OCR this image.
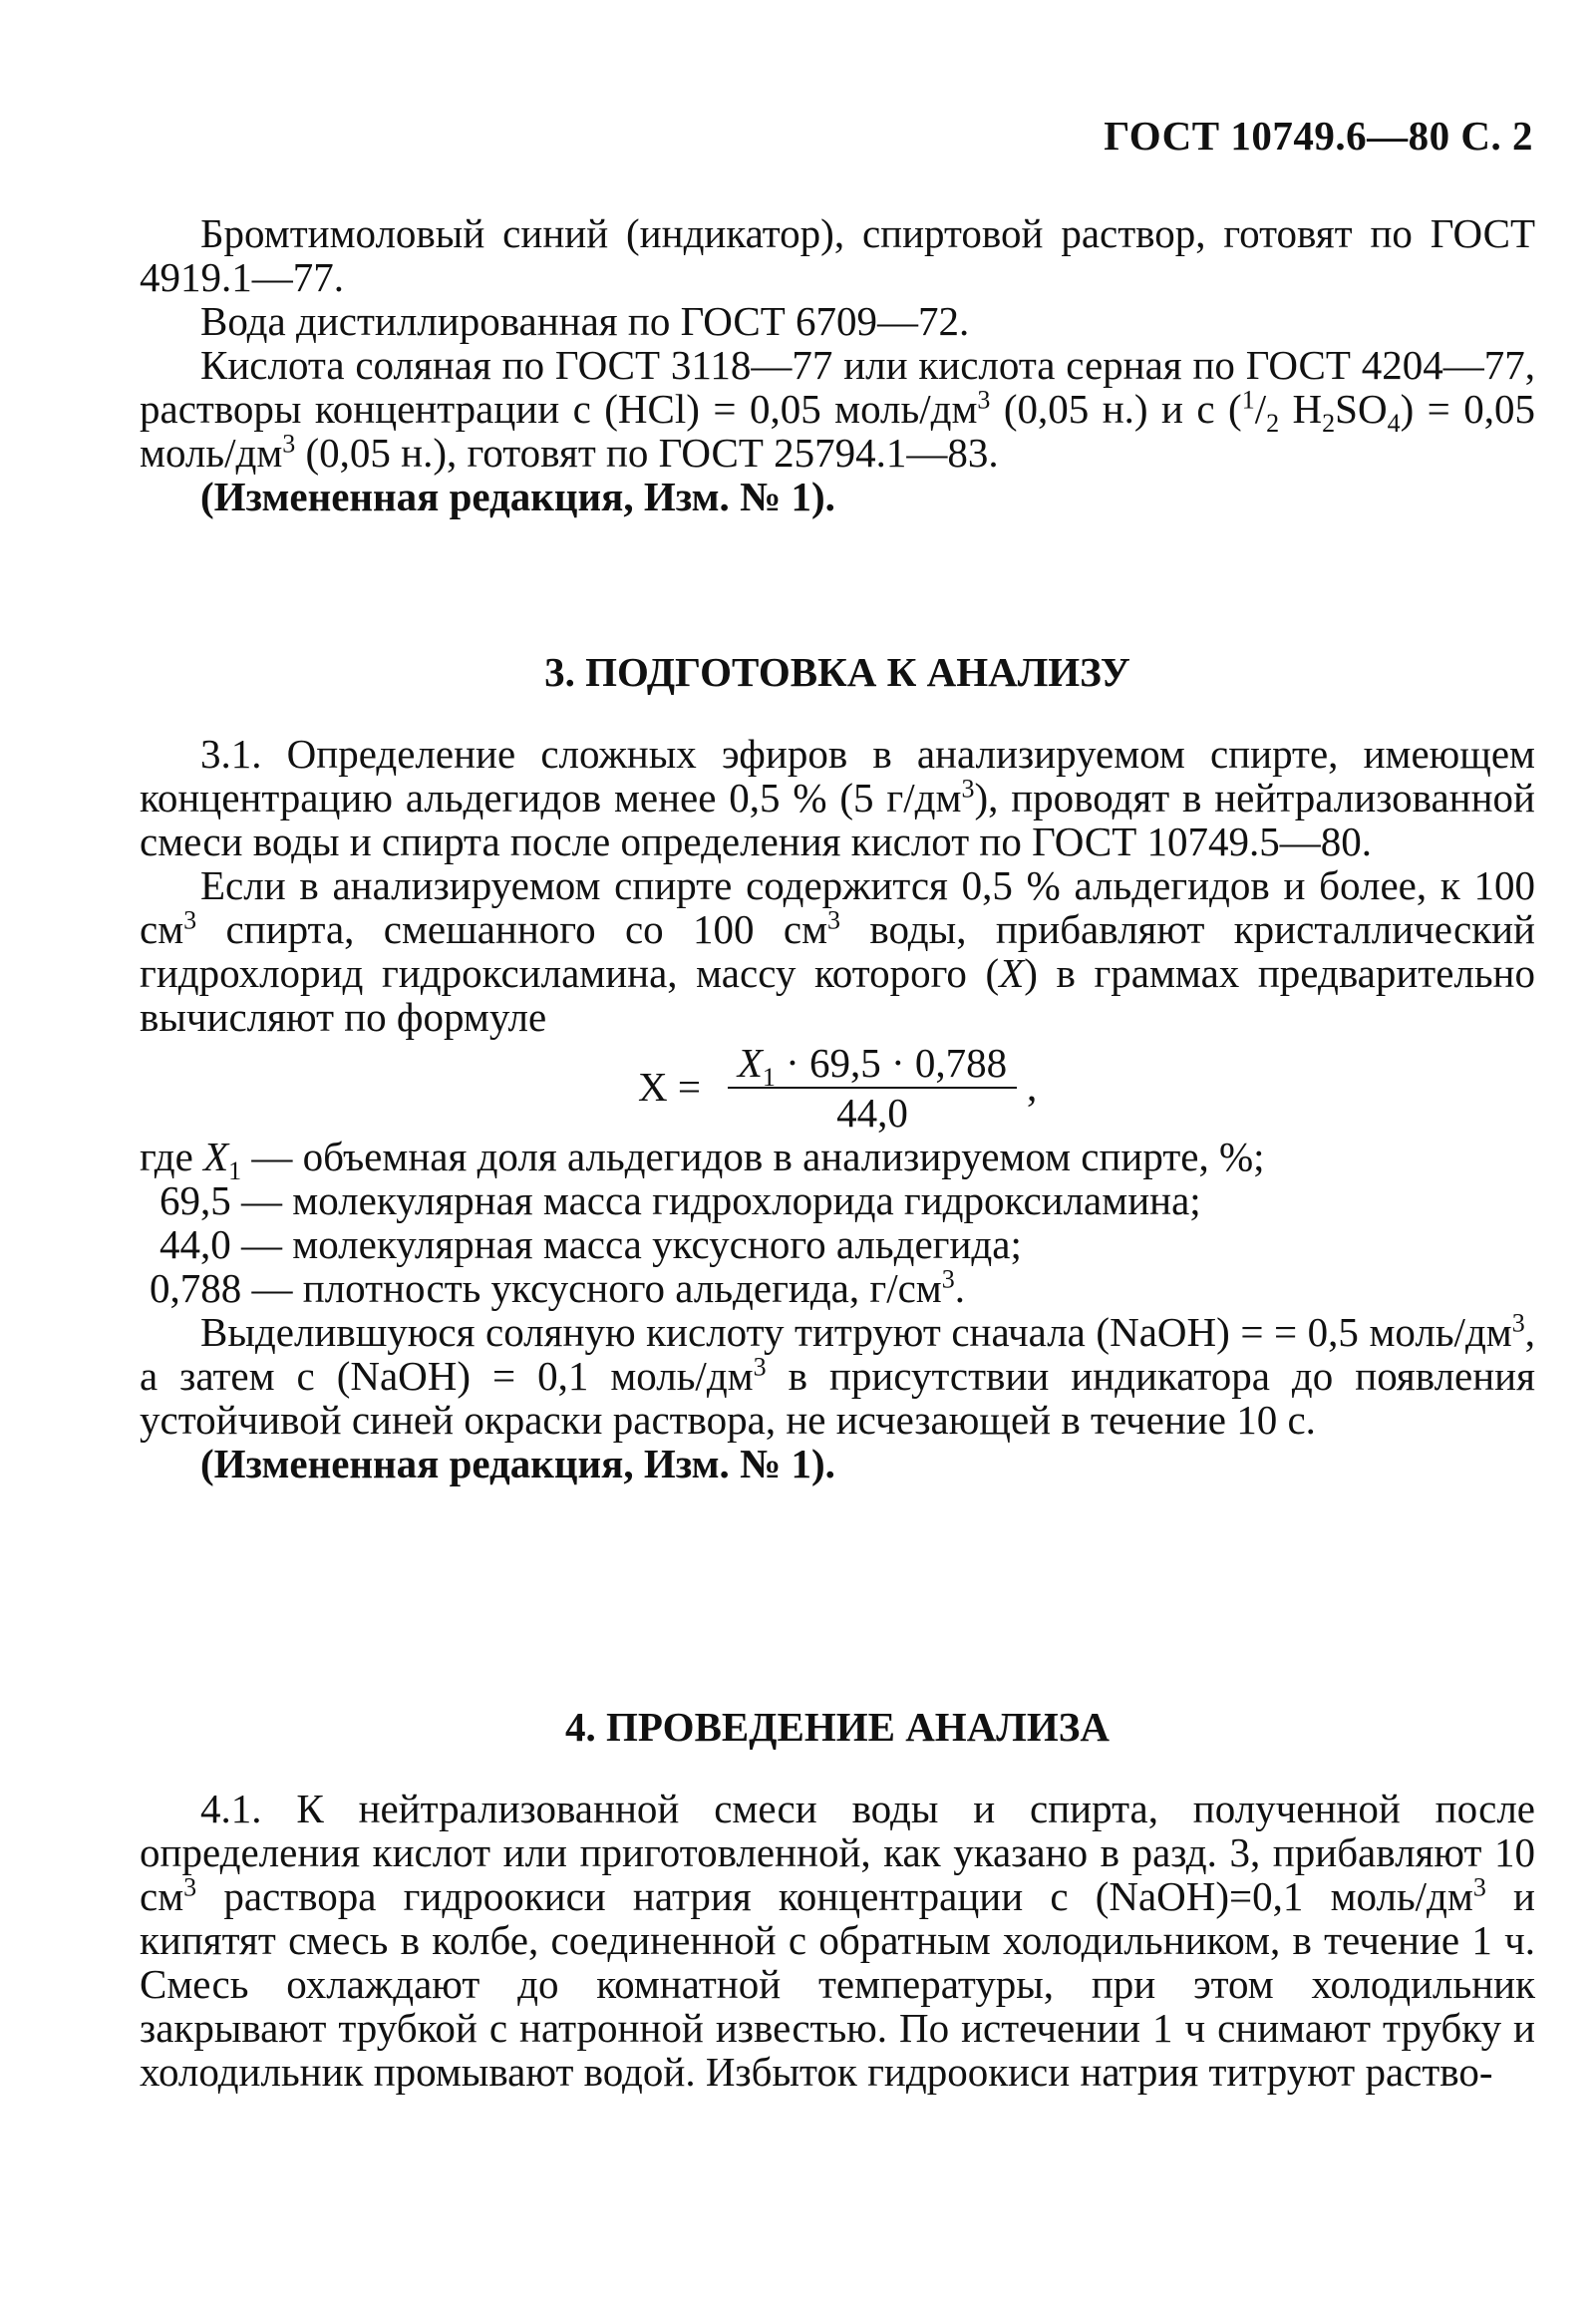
ГОСТ 10749.6—80 С. 2

Бромтимоловый синий (индикатор), спиртовой раствор, готовят по ГОСТ 4919.1—77.

Вода дистиллированная по ГОСТ 6709—72.

Кислота соляная по ГОСТ 3118—77 или кислота серная по ГОСТ 4204—77, растворы концентрации с (HCl) = 0,05 моль/$дм^3$ (0,05 н.) и с ($^1/_2$ $H_2SO_4) = 0,05$ моль/$дм^3$ (0,05 н.), готовят по ГОСТ 25794.1—83.

(Измененная редакция, Изм. № 1).

3. ПОДГОТОВКА К АНАЛИЗУ

3.1. Определение сложных эфиров в анализируемом спирте, имеющем концентрацию альдегидов менее 0,5 % (5 $г/дм^3$), проводят в нейтрализованной смеси воды и спирта после определения кислот по ГОСТ 10749.5—80.

Если в анализируемом спирте содержится 0,5 % альдегидов и более, к 100 $см^3$ спирта, смешанного со 100 $см^3$ воды, прибавляют кристаллический гидрохлорид гидроксиламина, массу которого (X) в граммах предварительно вычисляют по формуле

$X = \frac{X_1 \cdot 69,5 \cdot 0,788}{44,0}$ ,

где $X_1$ — объемная доля альдегидов в анализируемом спирте, %;

69,5 — молекулярная масса гидрохлорида гидроксиламина;

44,0 — молекулярная масса уксусного альдегида;

0,788 — плотность уксусного альдегида, $г/см^3$.

Выделившуюся соляную кислоту титруют сначала (NaOH) = = 0,5 моль/$дм^3$, а затем с (NaOH) = 0,1 моль/$дм^3$ в присутствии индикатора до появления устойчивой синей окраски раствора, не исчезающей в течение 10 с.

(Измененная редакция, Изм. № 1).

4. ПРОВЕДЕНИЕ АНАЛИЗА

4.1. К нейтрализованной смеси воды и спирта, полученной после определения кислот или приготовленной, как указано в разд. 3, прибавляют 10 $см^3$ раствора гидроокиси натрия концентрации с (NaOH)=0,1 моль/$дм^3$ и кипятят смесь в колбе, соединенной с обратным холодильником, в течение 1 ч. Смесь охлаждают до комнатной температуры, при этом холодильник закрывают трубкой с натронной известью. По истечении 1 ч снимают трубку и холодильник промывают водой. Избыток гидроокиси натрия титруют раство-
